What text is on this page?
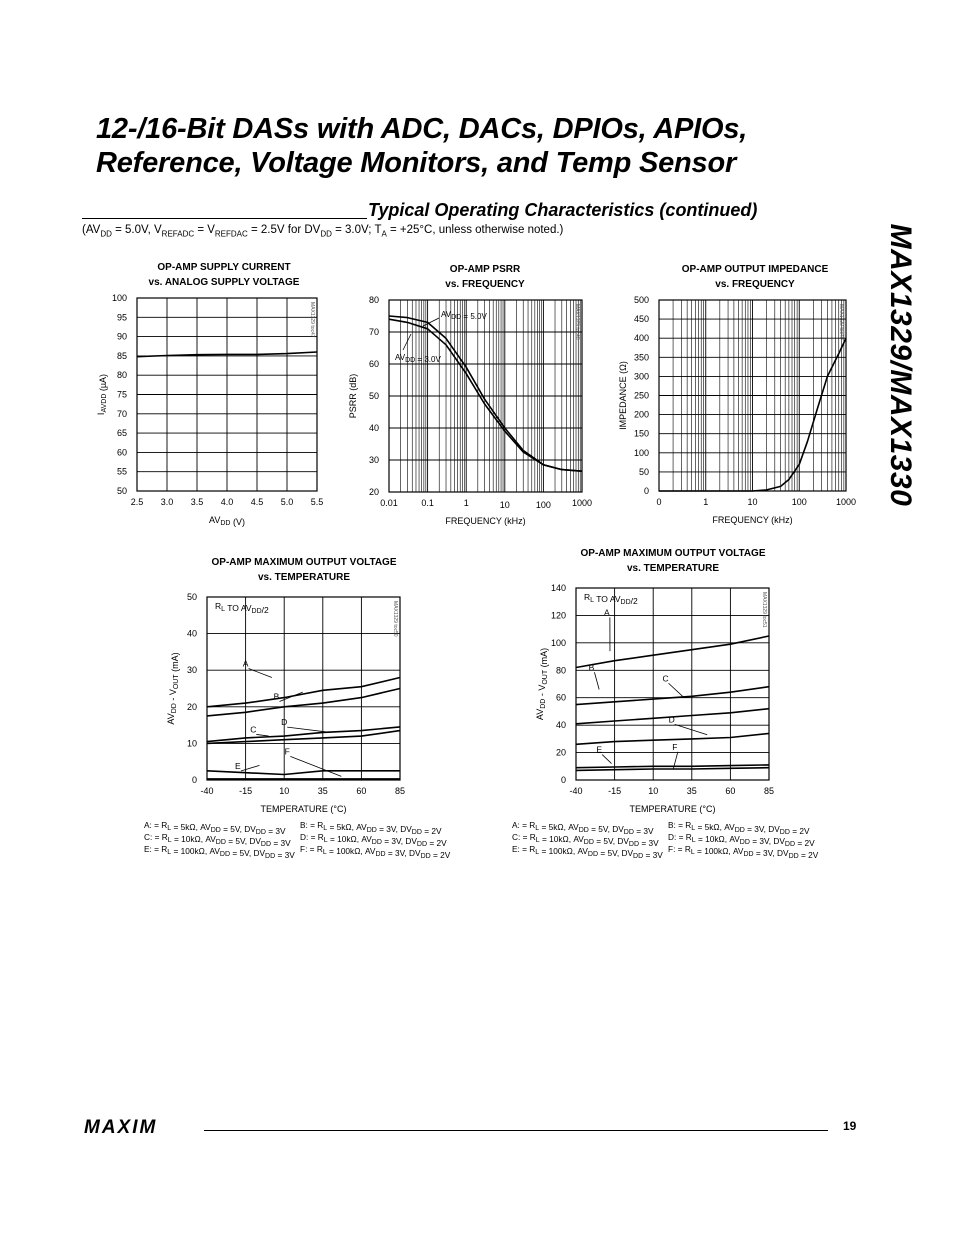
12-/16-Bit DASs with ADC, DACs, DPIOs, APIOs,
Reference, Voltage Monitors, and Temp Sensor
Typical Operating Characteristics (continued)
($AV_{DD} = 5.0V$, $V_{REFADC} = V_{REFDAC} = 2.5V$ for $DV_{DD} = 3.0V$; $T_A = +25^\circ C$, unless otherwise noted.)	MAX1329/MAX1330
OP-AMP SUPPLY CURRENT
vs. ANALOG SUPPLY VOLTAGE
50
55
60
65
70
75
80
85
90
95
100
2.5 3.0 3.5 4.0 4.5 5.0 5.5
$AV_{DD}$ (V)
$I_{AVDD}$ (µA)
MAX1329 toc47
OP-AMP PSRR
vs. FREQUENCY
20
30
40
50
60
70
80
0.01	0.1	1	10	100 1000
FREQUENCY (kHz)
PSRR (dB)
MAX1329 toc48
AVDD = 5.0V
AVDD = 3.0V
OP-AMP OUTPUT IMPEDANCE
vs. FREQUENCY
0
50
100
150
200
250
300
350
400
450
500
0	1	10	100	1000
FREQUENCY (kHz)
IMPEDANCE (Ω)
MAX1329 toc49
OP-AMP MAXIMUM OUTPUT VOLTAGE
vs. TEMPERATURE
0
10
20
30
40
50
-40	-15	10	35	60	85
TEMPERATURE (°C)
$AV_{DD} - V_{OUT}$ (mA)
MAX1329 toc50
$R_L$ TO $AV_{DD}/2$
A
B
C
D
E
F
A: = $R_L = 5k\Omega$, $AV_{DD} = 5V$, $DV_{DD} = 3V$
B: = $R_L = 5k\Omega$, $AV_{DD} = 3V$, $DV_{DD} = 2V$
C: = $R_L = 10k\Omega$, $AV_{DD} = 5V$, $DV_{DD} = 3V$
D: = $R_L = 10k\Omega$, $AV_{DD} = 3V$, $DV_{DD} = 2V$
E: = $R_L = 100k\Omega$, $AV_{DD} = 5V$, $DV_{DD} = 3V$
F: = $R_L = 100k\Omega$, $AV_{DD} = 3V$, $DV_{DD} = 2V$
OP-AMP MAXIMUM OUTPUT VOLTAGE
vs. TEMPERATURE
0
20
40
60
80
100
120
140
-40	-15	10	35	60	85
TEMPERATURE (°C)
$AV_{DD} - V_{OUT}$ (mA)
MAX1329 toc51
$R_L$ TO $AV_{DD}/2$
A
B
C
D
E	F
A: = $R_L = 5k\Omega$, $AV_{DD} = 5V$, $DV_{DD} = 3V$
B: = $R_L = 5k\Omega$, $AV_{DD} = 3V$, $DV_{DD} = 2V$
C: = $R_L = 10k\Omega$, $AV_{DD} = 5V$, $DV_{DD} = 3V$
D: = $R_L = 10k\Omega$, $AV_{DD} = 3V$, $DV_{DD} = 2V$
E: = $R_L = 100k\Omega$, $AV_{DD} = 5V$, $DV_{DD} = 3V$
F: = $R_L = 100k\Omega$, $AV_{DD} = 3V$, $DV_{DD} = 2V$
MAXIM	19
